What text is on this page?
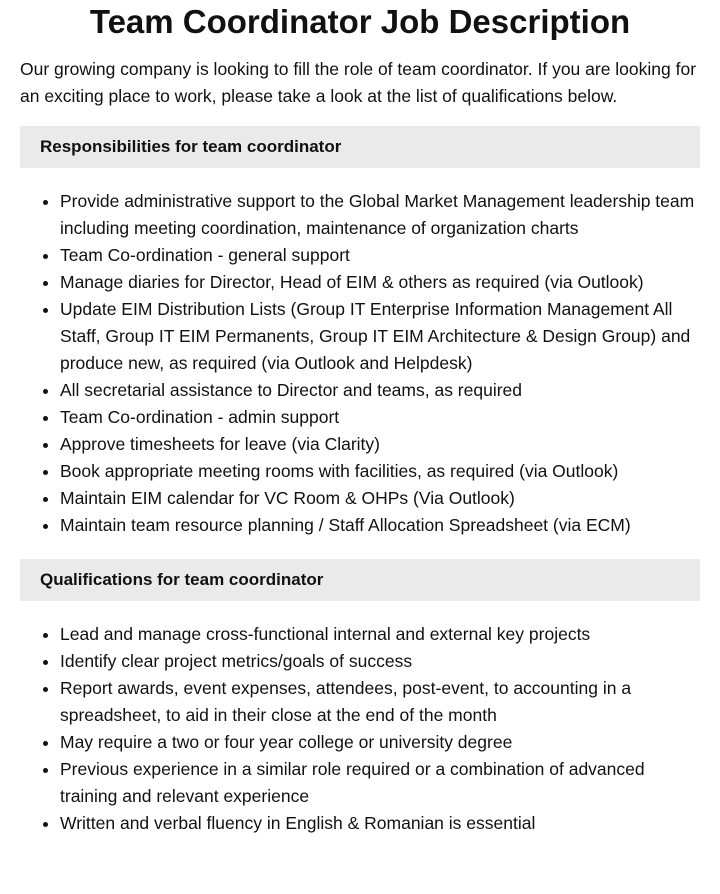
Team Coordinator Job Description

Our growing company is looking to fill the role of team coordinator. If you are looking for an exciting place to work, please take a look at the list of qualifications below.

Responsibilities for team coordinator
• Provide administrative support to the Global Market Management leadership team including meeting coordination, maintenance of organization charts
• Team Co-ordination - general support
• Manage diaries for Director, Head of EIM & others as required (via Outlook)
• Update EIM Distribution Lists (Group IT Enterprise Information Management All Staff, Group IT EIM Permanents, Group IT EIM Architecture & Design Group) and produce new, as required (via Outlook and Helpdesk)
• All secretarial assistance to Director and teams, as required
• Team Co-ordination - admin support
• Approve timesheets for leave (via Clarity)
• Book appropriate meeting rooms with facilities, as required (via Outlook)
• Maintain EIM calendar for VC Room & OHPs (Via Outlook)
• Maintain team resource planning / Staff Allocation Spreadsheet (via ECM)
Qualifications for team coordinator
• Lead and manage cross-functional internal and external key projects
• Identify clear project metrics/goals of success
• Report awards, event expenses, attendees, post-event, to accounting in a spreadsheet, to aid in their close at the end of the month
• May require a two or four year college or university degree
• Previous experience in a similar role required or a combination of advanced training and relevant experience
• Written and verbal fluency in English & Romanian is essential
